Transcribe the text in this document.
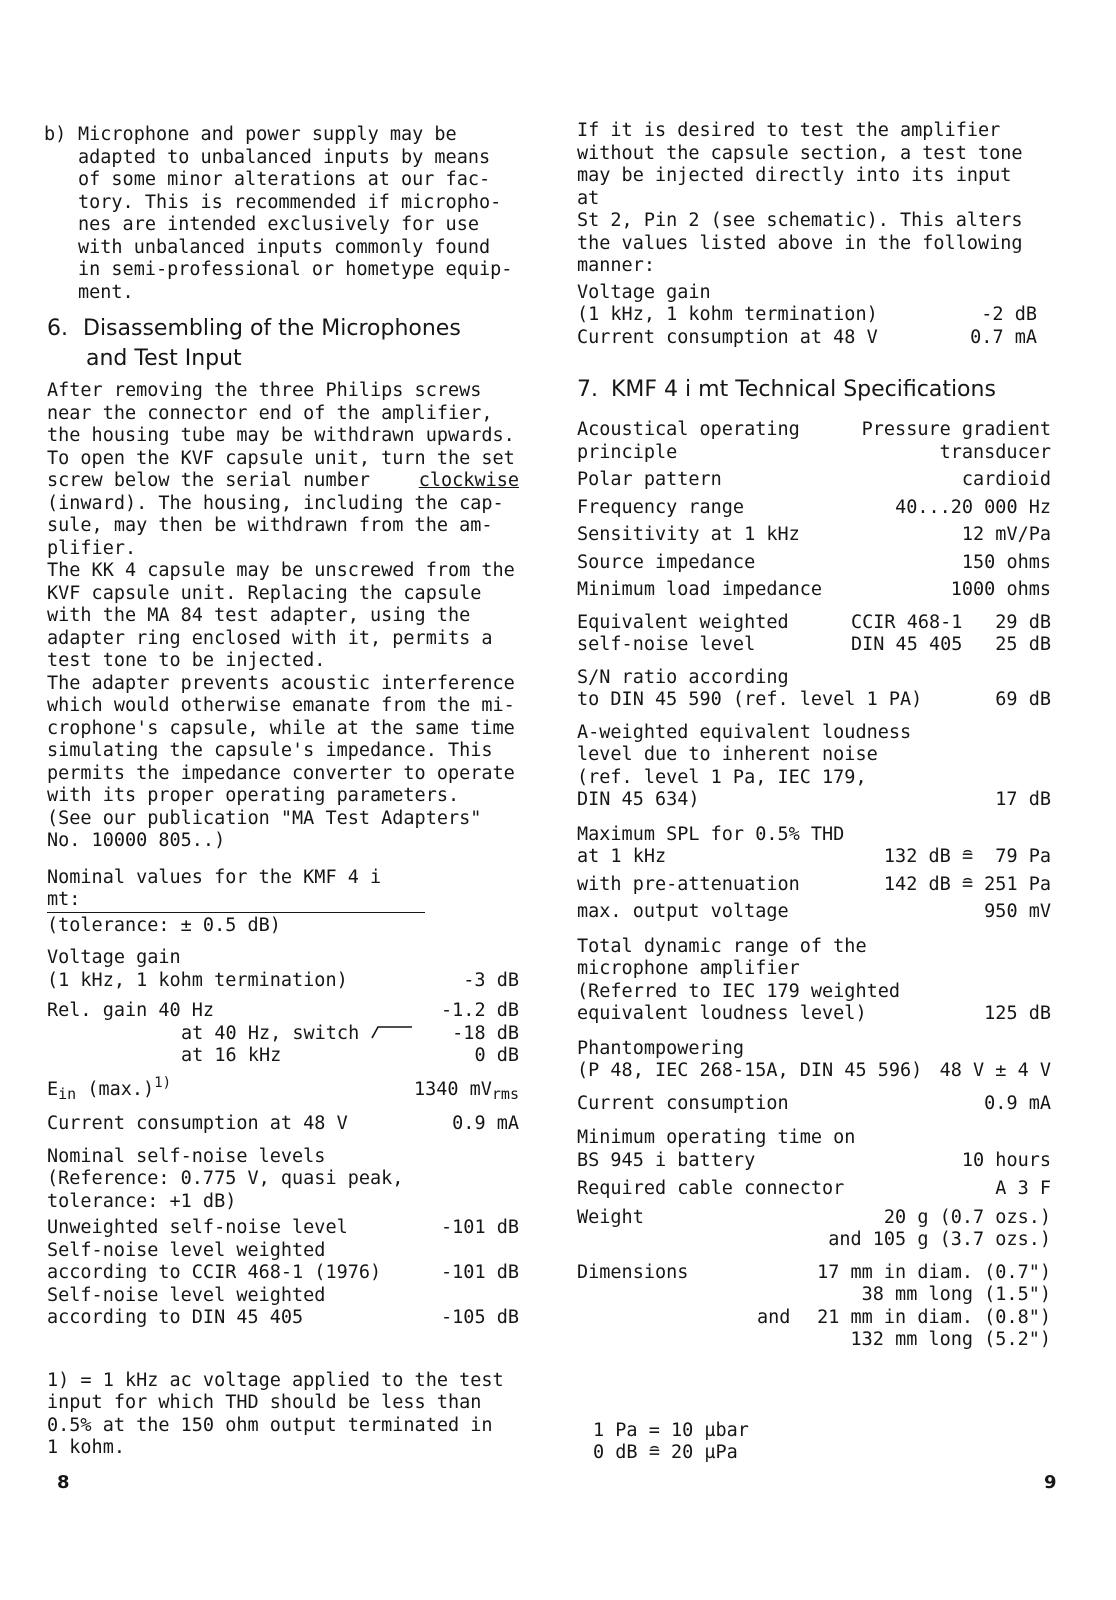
b) Microphone and power supply may be
adapted to unbalanced inputs by means
of some minor alterations at our fac-
tory. This is recommended if micropho-
nes are intended exclusively for use
with unbalanced inputs commonly found
in semi-professional or hometype equip-
ment.
6. Disassembling of the Microphones
and Test Input
After removing the three Philips screws
near the connector end of the amplifier,
the housing tube may be withdrawn upwards.
To open the KVF capsule unit, turn the set
screw below the serial number	clockwise
(inward). The housing, including the cap-
sule, may then be withdrawn from the am-
plifier.
The KK 4 capsule may be unscrewed from the
KVF capsule unit. Replacing the capsule
with the MA 84 test adapter, using the
adapter ring enclosed with it, permits a
test tone to be injected.
The adapter prevents acoustic interference
which would otherwise emanate from the mi-
crophone's capsule, while at the same time
simulating the capsule's impedance. This
permits the impedance converter to operate
with its proper operating parameters.
(See our publication "MA Test Adapters"
No. 10000 805..)
Nominal values for the KMF 4 i mt:
(tolerance: ± 0.5 dB)
Voltage gain
(1 kHz, 1 kohm termination)	-3 dB
Rel. gain 40 Hz	-1.2 dB
at 40 Hz, switch	-18 dB
at 16 kHz	0 dB
$E_{in}$ $(\max.)^{1)}$	1340 $mV_{rms}$
Current consumption at 48 V	0.9 mA
Nominal self-noise levels
(Reference: 0.775 V, quasi peak,
tolerance: +1 dB)
Unweighted self-noise level	-101 dB
Self-noise level weighted
according to CCIR 468-1 (1976)	-101 dB
Self-noise level weighted
according to DIN 45 405	-105 dB
1) = 1 kHz ac voltage applied to the test
input for which THD should be less than
0.5% at the 150 ohm output terminated in
1 kohm.
8
If it is desired to test the amplifier
without the capsule section, a test tone
may be injected directly into its input at
St 2, Pin 2 (see schematic). This alters
the values listed above in the following
manner:
Voltage gain
(1 kHz, 1 kohm termination)	-2 dB
Current consumption at 48 V	0.7 mA
7. KMF 4 i mt Technical Specifications
Acoustical operating	Pressure gradient
principle	transducer
Polar pattern	cardioid
Frequency range	40...20 000 Hz
Sensitivity at 1 kHz	12 mV/Pa
Source impedance	150 ohms
Minimum load impedance	1000 ohms
Equivalent weighted	CCIR 468-1	29 dB
self-noise level	DIN 45 405	25 dB
S/N ratio according
to DIN 45 590 (ref. level 1 PA)	69 dB
A-weighted equivalent loudness
level due to inherent noise
(ref. level 1 Pa, IEC 179,
DIN 45 634)	17 dB
Maximum SPL for 0.5% THD
at 1 kHz	132 dB ≘  79 Pa
with pre-attenuation	142 dB ≘ 251 Pa
max. output voltage	950 mV
Total dynamic range of the
microphone amplifier
(Referred to IEC 179 weighted
equivalent loudness level)	125 dB
Phantompowering
(P 48, IEC 268-15A, DIN 45 596) 48 V ± 4 V
Current consumption	0.9 mA
Minimum operating time on
BS 945 i battery	10 hours
Required cable connector	A 3 F
Weight	20 g (0.7 ozs.)
and 105 g (3.7 ozs.)
Dimensions	17 mm in diam. (0.7")
38 mm long (1.5")
and 21 mm in diam. (0.8")
132 mm long (5.2")
1 Pa = 10 µbar
0 dB ≘ 20 µPa
9
